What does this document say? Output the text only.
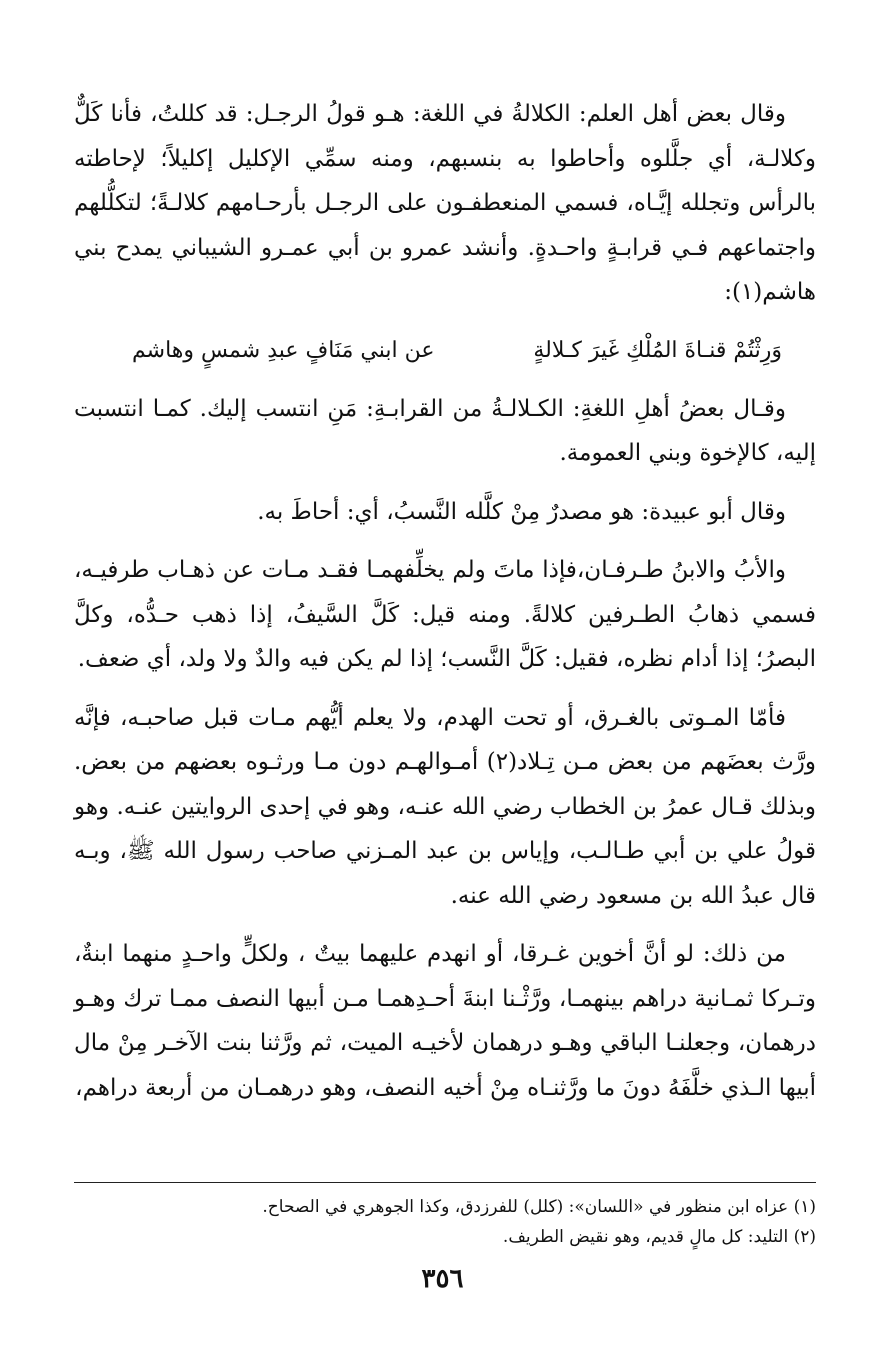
وقال بعض أهل العلم: الكلالةُ في اللغة: هـو قولُ الرجـل: قد كللتُ، فأنا كَلٌّ وكلالـة، أي جلَّلوه وأحاطوا به بنسبهم، ومنه سمِّي الإكليل إكليلاً؛ لإحاطته بالرأس وتجلله إيَّـاه، فسمي المنعطفـون على الرجـل بأرحـامهم كلالـةً؛ لتكلُّلهم واجتماعهم فـي قرابـةٍ واحـدةٍ. وأنشد عمرو بن أبي عمـرو الشيباني يمدح بني هاشم(١):

وَرِثْتُمْ قنـاةَ المُلْكِ غَيرَ كـلالةٍ
عن ابني مَنَافٍ عبدِ شمسٍ وهاشم

وقـال بعضُ أهلِ اللغةِ: الكـلالـةُ من القرابـةِ: مَنِ انتسب إليك. كمـا انتسبت إليه، كالإخوة وبني العمومة.

وقال أبو عبيدة: هو مصدرٌ مِنْ كلَّله النَّسبُ، أي: أحاطَ به.

والأبُ والابنُ طـرفـان،فإذا ماتَ ولم يخلِّفهمـا فقـد مـات عن ذهـاب طرفيـه، فسمي ذهابُ الطـرفين كلالةً. ومنه قيل: كَلَّ السَّيفُ، إذا ذهب حـدُّه، وكلَّ البصرُ؛ إذا أدام نظره، فقيل: كَلَّ النَّسب؛ إذا لم يكن فيه والدٌ ولا ولد، أي ضعف.

فأمّا المـوتى بالغـرق، أو تحت الهدم، ولا يعلم أيُّهم مـات قبل صاحبـه، فإنَّه ورَّث بعضَهم من بعض مـن تِـلاد(٢) أمـوالهـم دون مـا ورثـوه بعضهم من بعض. وبذلك قـال عمرُ بن الخطاب رضي الله عنـه، وهو في إحدى الروايتين عنـه. وهو قولُ علي بن أبي طـالـب، وإياس بن عبد المـزني صاحب رسول الله ﷺ، وبـه قال عبدُ الله بن مسعود رضي الله عنه.

من ذلك: لو أنَّ أخوين غـرقا، أو انهدم عليهما بيتٌ ، ولكلٍّ واحـدٍ منهما ابنةٌ، وتـركا ثمـانية دراهم بينهمـا، ورَّثْـنا ابنةَ أحـدِهمـا مـن أبيها النصف ممـا ترك وهـو درهمان، وجعلنـا الباقي وهـو درهمان لأخيـه الميت، ثم ورَّثنا بنت الآخـر مِنْ مال أبيها الـذي خلَّفَهُ دونَ ما ورَّثنـاه مِنْ أخيه النصف، وهو درهمـان من أربعة دراهم،

(١) عزاه ابن منظور في «اللسان»: (كلل) للفرزدق، وكذا الجوهري في الصحاح.

(٢) التليد: كل مالٍ قديم، وهو نقيض الطريف.

٣٥٦
